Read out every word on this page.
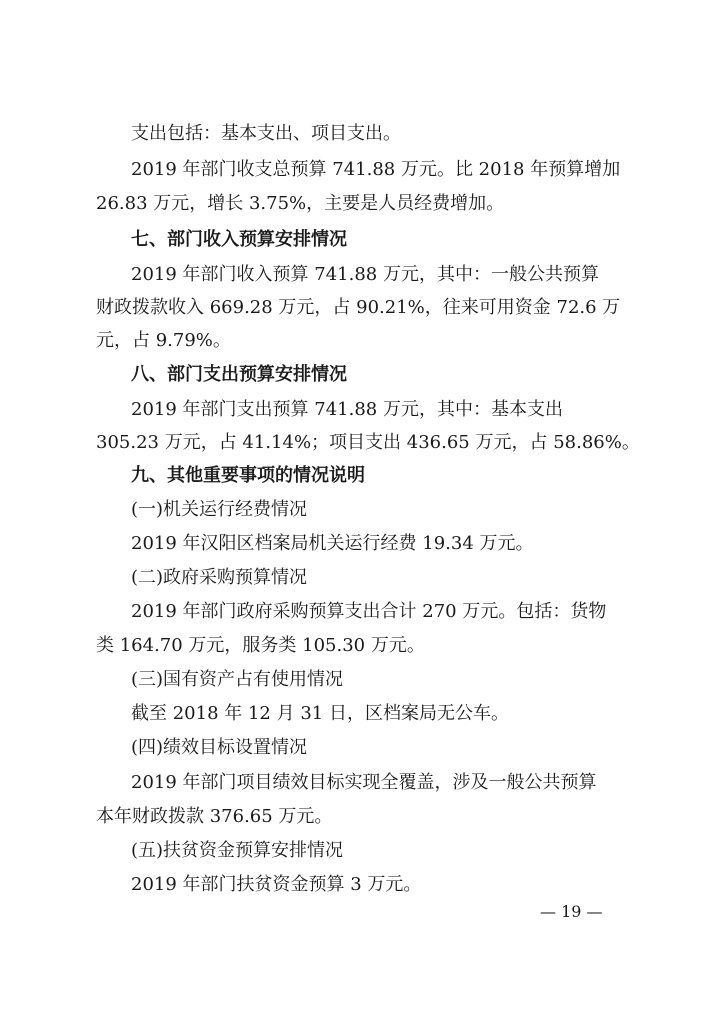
支出包括：基本支出、项目支出。
2019 年部门收支总预算 741.88 万元。比 2018 年预算增加
26.83 万元，增长 3.75%，主要是人员经费增加。
七、部门收入预算安排情况
2019 年部门收入预算 741.88 万元，其中：一般公共预算
财政拨款收入 669.28 万元，占 90.21%，往来可用资金 72.6 万
元，占 9.79%。
八、部门支出预算安排情况
2019 年部门支出预算 741.88 万元，其中：基本支出
305.23 万元，占 41.14%；项目支出 436.65 万元，占 58.86%。
九、其他重要事项的情况说明
(一)机关运行经费情况
2019 年汉阳区档案局机关运行经费 19.34 万元。
(二)政府采购预算情况
2019 年部门政府采购预算支出合计 270 万元。包括：货物
类 164.70 万元，服务类 105.30 万元。
(三)国有资产占有使用情况
截至 2018 年 12 月 31 日，区档案局无公车。
(四)绩效目标设置情况
2019 年部门项目绩效目标实现全覆盖，涉及一般公共预算
本年财政拨款 376.65 万元。
(五)扶贫资金预算安排情况
2019 年部门扶贫资金预算 3 万元。
— 19 —
